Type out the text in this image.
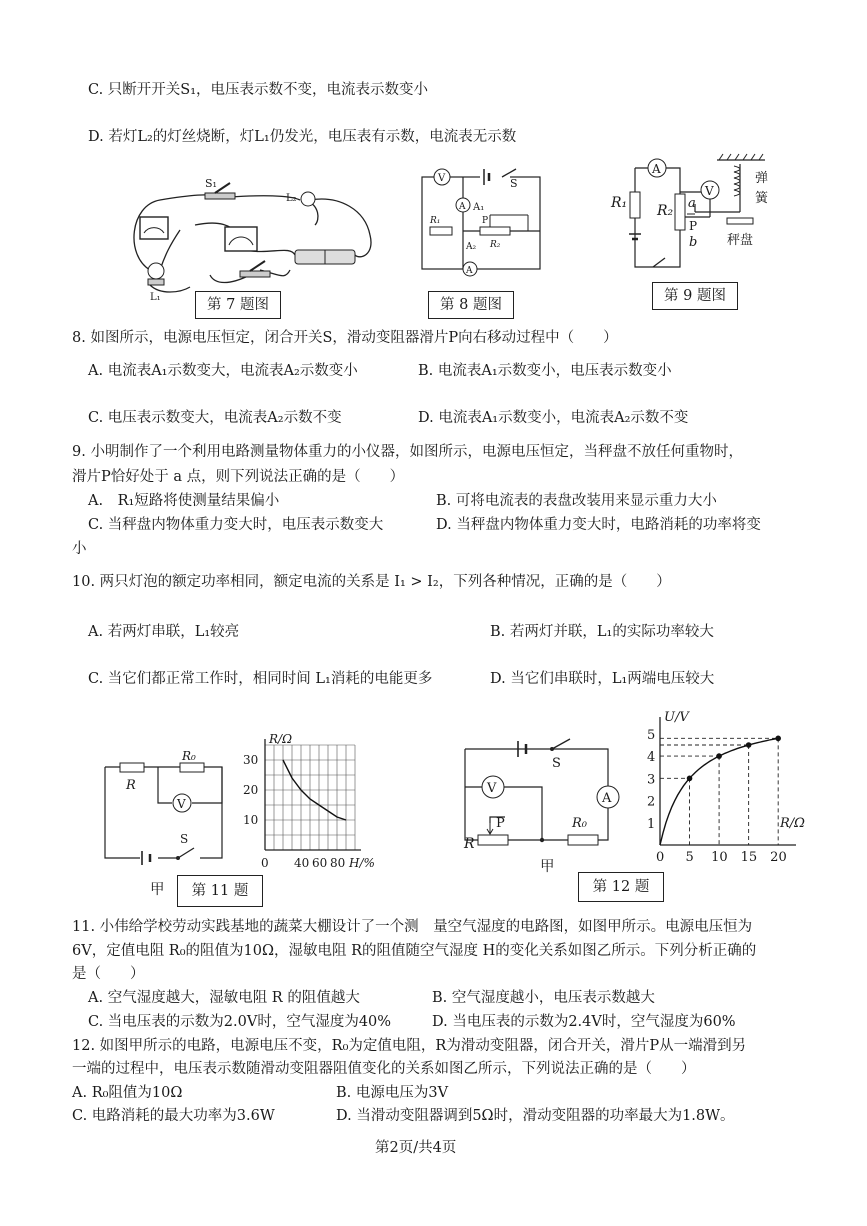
C. 只断开开关S₁，电压表示数不变，电流表示数变小
D. 若灯L₂的灯丝烧断，灯L₁仍发光，电压表有示数，电流表无示数
S₁
L₂
L₁	第 7 题图
V	S
A A₁
R₁	P
R₂
A₂
A
第 8 题图
弹
簧
秤盘
A
V
R₁ R₂ a
P
b
第 9 题图
8. 如图所示，电源电压恒定，闭合开关S，滑动变阻器滑片P向右移动过程中（　　）
A. 电流表A₁示数变大，电流表A₂示数变小	B. 电流表A₁示数变小，电压表示数变小
C. 电压表示数变大，电流表A₂示数不变	D. 电流表A₁示数变小，电流表A₂示数不变
9. 小明制作了一个利用电路测量物体重力的小仪器，如图所示，电源电压恒定，当秤盘不放任何重物时，
滑片P恰好处于 a 点，则下列说法正确的是（　　）
A.　R₁短路将使测量结果偏小	B. 可将电流表的表盘改装用来显示重力大小
C. 当秤盘内物体重力变大时，电压表示数变大	D. 当秤盘内物体重力变大时，电路消耗的功率将变
小
10. 两只灯泡的额定功率相同，额定电流的关系是 I₁ > I₂，下列各种情况，正确的是（　　）
A. 若两灯串联，L₁较亮	B. 若两灯并联，L₁的实际功率较大
C. 当它们都正常工作时，相同时间 L₁消耗的电能更多	D. 当它们串联时，L₁两端电压较大
R
R₀
V
S
甲	第 11 题
10
20
30
0 40 60 80
R/Ω
H/%
S
V
A
P
R
R₀
甲
第 12 题
1
2
3
4
5
0 5 10 15 20
U/V
R/Ω
11. 小伟给学校劳动实践基地的蔬菜大棚设计了一个测　量空气湿度的电路图，如图甲所示。电源电压恒为
6V，定值电阻 R₀的阻值为10Ω，湿敏电阻 R的阻值随空气湿度 H的变化关系如图乙所示。下列分析正确的
是（　　）
A. 空气湿度越大，湿敏电阻 R 的阻值越大	B. 空气湿度越小，电压表示数越大
C. 当电压表的示数为2.0V时，空气湿度为40%	D. 当电压表的示数为2.4V时，空气湿度为60%
12. 如图甲所示的电路，电源电压不变，R₀为定值电阻，R为滑动变阻器，闭合开关，滑片P从一端滑到另
一端的过程中，电压表示数随滑动变阻器阻值变化的关系如图乙所示，下列说法正确的是（　　）
A. R₀阻值为10Ω	B. 电源电压为3V
C. 电路消耗的最大功率为3.6W	D. 当滑动变阻器调到5Ω时，滑动变阻器的功率最大为1.8W。
第2页/共4页
